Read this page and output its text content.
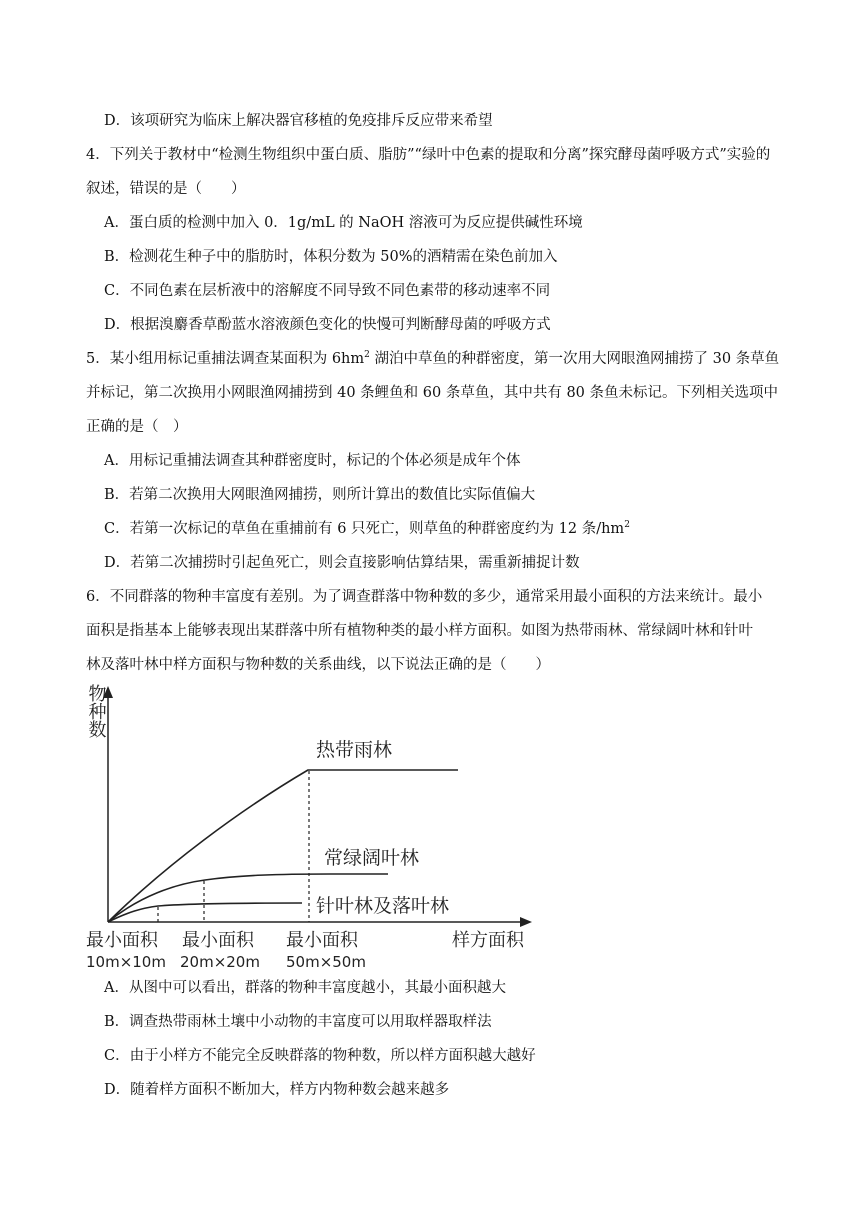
D．该项研究为临床上解决器官移植的免疫排斥反应带来希望
4．下列关于教材中“检测生物组织中蛋白质、脂肪”“绿叶中色素的提取和分离”探究酵母菌呼吸方式”实验的
叙述，错误的是（　　）
A．蛋白质的检测中加入 0．1g/mL 的 NaOH 溶液可为反应提供碱性环境
B．检测花生种子中的脂肪时，体积分数为 50%的酒精需在染色前加入
C．不同色素在层析液中的溶解度不同导致不同色素带的移动速率不同
D．根据溴麝香草酚蓝水溶液颜色变化的快慢可判断酵母菌的呼吸方式
5．某小组用标记重捕法调查某面积为 $6hm^2$ 湖泊中草鱼的种群密度，第一次用大网眼渔网捕捞了 30 条草鱼
并标记，第二次换用小网眼渔网捕捞到 40 条鲤鱼和 60 条草鱼，其中共有 80 条鱼未标记。下列相关选项中
正确的是（　）
A．用标记重捕法调查其种群密度时，标记的个体必须是成年个体
B．若第二次换用大网眼渔网捕捞，则所计算出的数值比实际值偏大
C．若第一次标记的草鱼在重捕前有 6 只死亡，则草鱼的种群密度约为 12 条$/hm^2$
D．若第二次捕捞时引起鱼死亡，则会直接影响估算结果，需重新捕捉计数
6．不同群落的物种丰富度有差别。为了调查群落中物种数的多少，通常采用最小面积的方法来统计。最小
面积是指基本上能够表现出某群落中所有植物种类的最小样方面积。如图为热带雨林、常绿阔叶林和针叶
林及落叶林中样方面积与物种数的关系曲线，以下说法正确的是（　　）
物种数
热带雨林
常绿阔叶林
针叶林及落叶林
最小面积
10m×10m
最小面积
20m×20m
最小面积
50m×50m
样方面积
A．从图中可以看出，群落的物种丰富度越小，其最小面积越大
B．调查热带雨林土壤中小动物的丰富度可以用取样器取样法
C．由于小样方不能完全反映群落的物种数，所以样方面积越大越好
D．随着样方面积不断加大，样方内物种数会越来越多
